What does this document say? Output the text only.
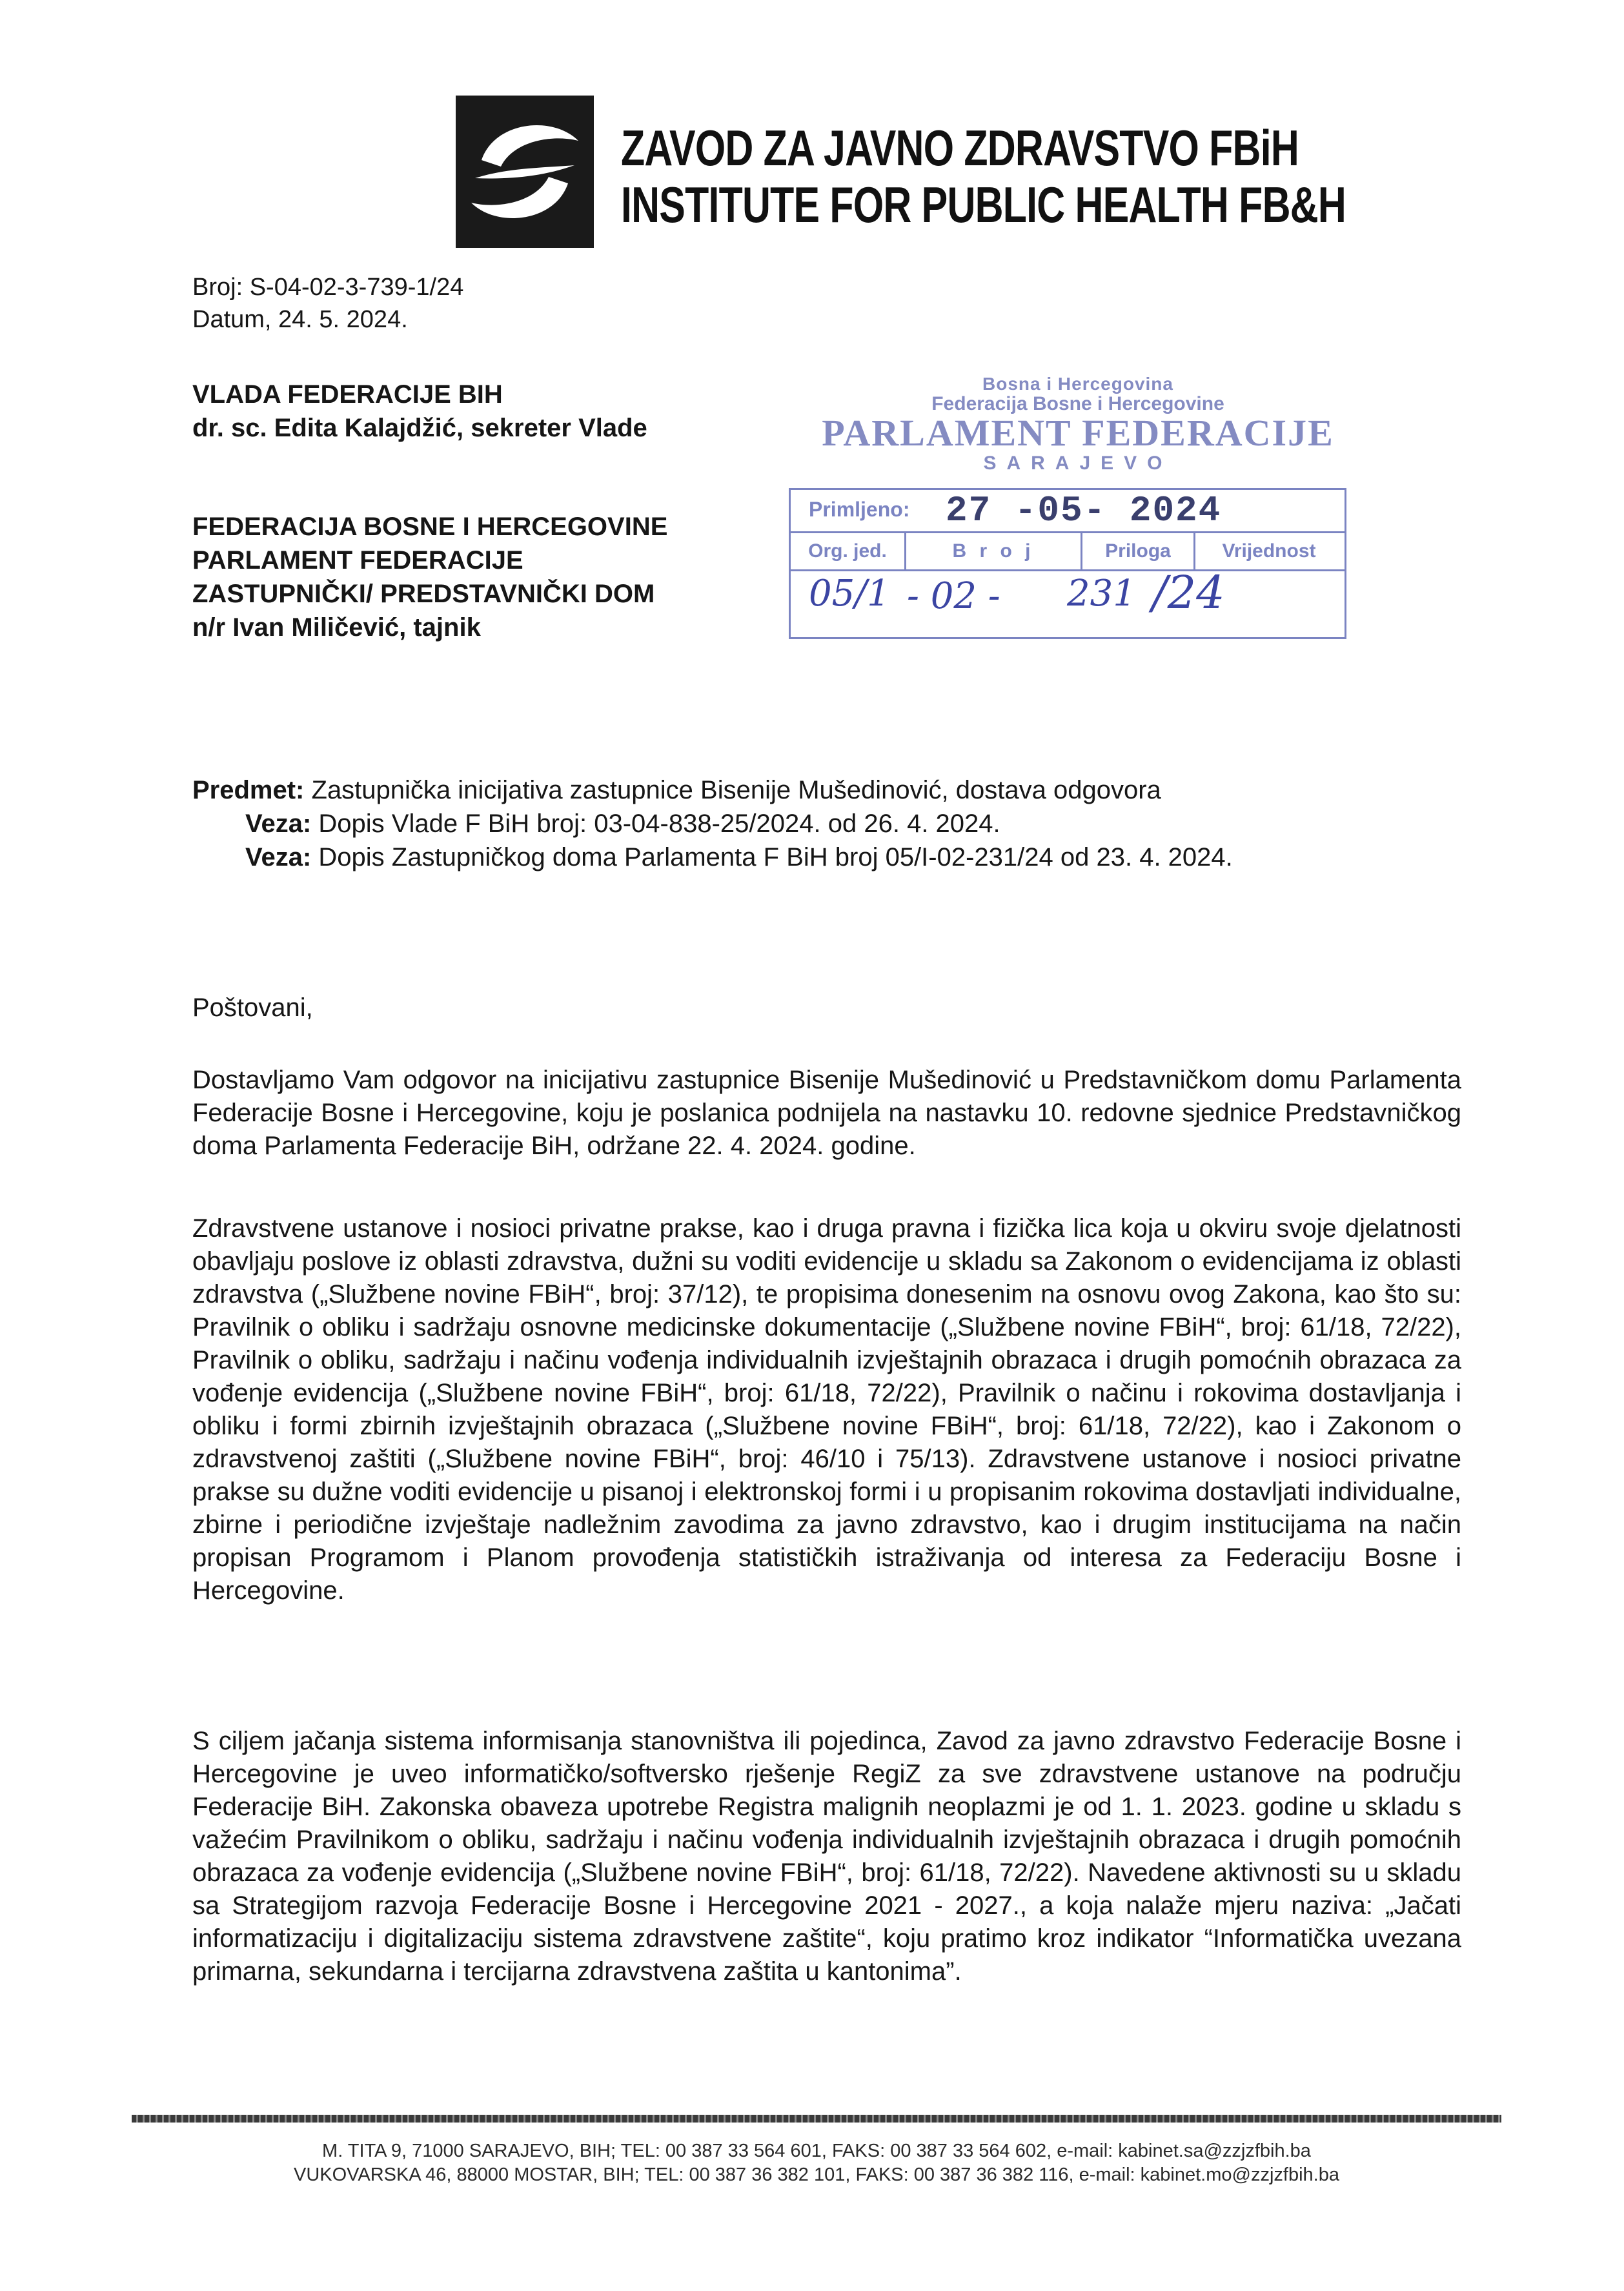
ZAVOD ZA JAVNO ZDRAVSTVO FBiH
INSTITUTE FOR PUBLIC HEALTH FB&H
Broj: S-04-02-3-739-1/24
Datum, 24. 5. 2024.
VLADA FEDERACIJE BIH
dr. sc. Edita Kalajdžić, sekreter Vlade
FEDERACIJA BOSNE I HERCEGOVINE
PARLAMENT FEDERACIJE
ZASTUPNIČKI/ PREDSTAVNIČKI DOM
n/r Ivan Miličević, tajnik
Bosna i Hercegovina
Federacija Bosne i Hercegovine
PARLAMENT FEDERACIJE
SARAJEVO
Primljeno: 27 -05- 2024
Org. jed.	B r o j	Priloga	Vrijednost
05/1 - 02 - 231 /24
Predmet: Zastupnička inicijativa zastupnice Bisenije Mušedinović, dostava odgovora
Veza: Dopis Vlade F BiH broj: 03-04-838-25/2024. od 26. 4. 2024.
Veza: Dopis Zastupničkog doma Parlamenta F BiH broj 05/I-02-231/24 od 23. 4. 2024.
Poštovani,
Dostavljamo Vam odgovor na inicijativu zastupnice Bisenije Mušedinović u Predstavničkom domu Parlamenta Federacije Bosne i Hercegovine, koju je poslanica podnijela na nastavku 10. redovne sjednice Predstavničkog doma Parlamenta Federacije BiH, održane 22. 4. 2024. godine.
Zdravstvene ustanove i nosioci privatne prakse, kao i druga pravna i fizička lica koja u okviru svoje djelatnosti obavljaju poslove iz oblasti zdravstva, dužni su voditi evidencije u skladu sa Zakonom o evidencijama iz oblasti zdravstva („Službene novine FBiH“, broj: 37/12), te propisima donesenim na osnovu ovog Zakona, kao što su: Pravilnik o obliku i sadržaju osnovne medicinske dokumentacije („Službene novine FBiH“, broj: 61/18, 72/22), Pravilnik o obliku, sadržaju i načinu vođenja individualnih izvještajnih obrazaca i drugih pomoćnih obrazaca za vođenje evidencija („Službene novine FBiH“, broj: 61/18, 72/22), Pravilnik o načinu i rokovima dostavljanja i obliku i formi zbirnih izvještajnih obrazaca („Službene novine FBiH“, broj: 61/18, 72/22), kao i Zakonom o zdravstvenoj zaštiti („Službene novine FBiH“, broj: 46/10 i 75/13). Zdravstvene ustanove i nosioci privatne prakse su dužne voditi evidencije u pisanoj i elektronskoj formi i u propisanim rokovima dostavljati individualne, zbirne i periodične izvještaje nadležnim zavodima za javno zdravstvo, kao i drugim institucijama na način propisan Programom i Planom provođenja statističkih istraživanja od interesa za Federaciju Bosne i Hercegovine.
S ciljem jačanja sistema informisanja stanovništva ili pojedinca, Zavod za javno zdravstvo Federacije Bosne i Hercegovine je uveo informatičko/softversko rješenje RegiZ za sve zdravstvene ustanove na području Federacije BiH. Zakonska obaveza upotrebe Registra malignih neoplazmi je od 1. 1. 2023. godine u skladu s važećim Pravilnikom o obliku, sadržaju i načinu vođenja individualnih izvještajnih obrazaca i drugih pomoćnih obrazaca za vođenje evidencija („Službene novine FBiH“, broj: 61/18, 72/22). Navedene aktivnosti su u skladu sa Strategijom razvoja Federacije Bosne i Hercegovine 2021 - 2027., a koja nalaže mjeru naziva: „Jačati informatizaciju i digitalizaciju sistema zdravstvene zaštite“, koju pratimo kroz indikator “Informatička uvezana primarna, sekundarna i tercijarna zdravstvena zaštita u kantonima”.
M. TITA 9, 71000 SARAJEVO, BIH; TEL: 00 387 33 564 601, FAKS: 00 387 33 564 602, e-mail: kabinet.sa@zzjzfbih.ba
VUKOVARSKA 46, 88000 MOSTAR, BIH; TEL: 00 387 36 382 101, FAKS: 00 387 36 382 116, e-mail: kabinet.mo@zzjzfbih.ba
